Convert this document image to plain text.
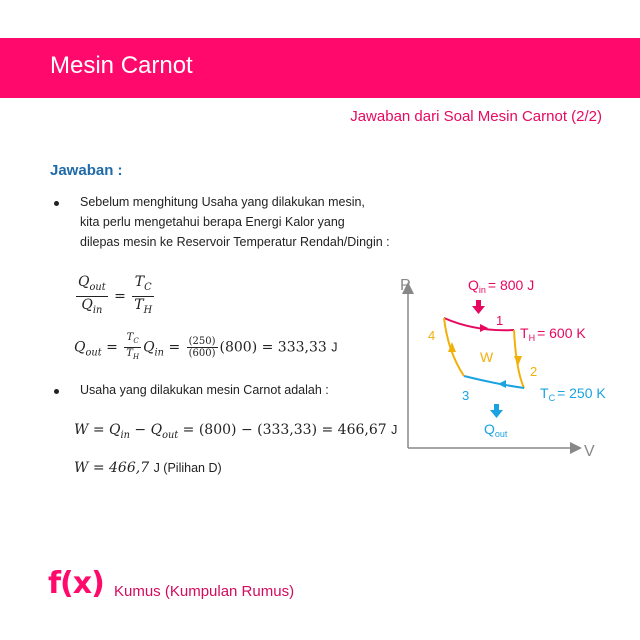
Mesin Carnot
Jawaban dari Soal Mesin Carnot (2/2)
Jawaban :
Sebelum menghitung Usaha yang dilakukan mesin,
kita perlu mengetahui berapa Energi Kalor yang
dilepas mesin ke Reservoir Temperatur Rendah/Dingin :
$\frac{Q_{out}}{Q_{in}} = \frac{T_C}{T_H}$
$Q_{out} = \frac{T_C}{T_H} Q_{in} = \frac{(250)}{(600)} (800) = 333,33$ J
Usaha yang dilakukan mesin Carnot adalah :
$W = Q_{in} - Q_{out} = (800) - (333,33) = 466,67$ J
W = 466,7 J (Pilihan D)
P
V
$Q_{in} = 800$ J
1
$T_H = 600$ K
2
4
W
3	$T_C = 250$ K
$Q_{out}$
f(x) Kumus (Kumpulan Rumus)
